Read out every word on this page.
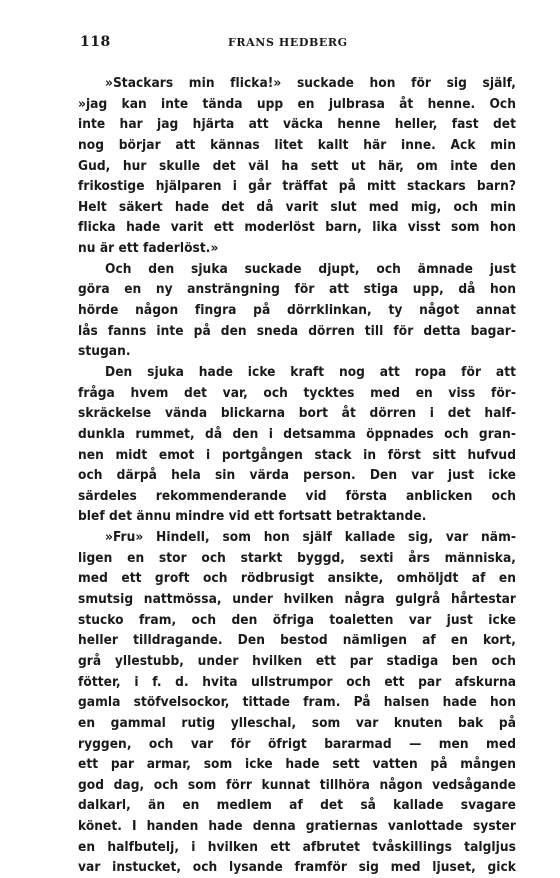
118	FRANS HEDBERG
»Stackars min flicka!» suckade hon för sig själf,
»jag kan inte tända upp en julbrasa åt henne. Och
inte har jag hjärta att väcka henne heller, fast det
nog börjar att kännas litet kallt här inne. Ack min
Gud, hur skulle det väl ha sett ut här, om inte den
frikostige hjälparen i går träffat på mitt stackars barn?
Helt säkert hade det då varit slut med mig, och min
flicka hade varit ett moderlöst barn, lika visst som hon
nu är ett faderlöst.»
Och den sjuka suckade djupt, och ämnade just
göra en ny ansträngning för att stiga upp, då hon
hörde någon fingra på dörrklinkan, ty något annat
lås fanns inte på den sneda dörren till för detta bagar-
stugan.
Den sjuka hade icke kraft nog att ropa för att
fråga hvem det var, och tycktes med en viss för-
skräckelse vända blickarna bort åt dörren i det half-
dunkla rummet, då den i detsamma öppnades och gran-
nen midt emot i portgången stack in först sitt hufvud
och därpå hela sin värda person. Den var just icke
särdeles rekommenderande vid första anblicken och
blef det ännu mindre vid ett fortsatt betraktande.
»Fru» Hindell, som hon själf kallade sig, var näm-
ligen en stor och starkt byggd, sexti års människa,
med ett groft och rödbrusigt ansikte, omhöljdt af en
smutsig nattmössa, under hvilken några gulgrå hårtestar
stucko fram, och den öfriga toaletten var just icke
heller tilldragande. Den bestod nämligen af en kort,
grå yllestubb, under hvilken ett par stadiga ben och
fötter, i f. d. hvita ullstrumpor och ett par afskurna
gamla stöfvelsockor, tittade fram. På halsen hade hon
en gammal rutig ylleschal, som var knuten bak på
ryggen, och var för öfrigt bararmad — men med
ett par armar, som icke hade sett vatten på mången
god dag, och som förr kunnat tillhöra någon vedsågande
dalkarl, än en medlem af det så kallade svagare
könet. I handen hade denna gratiernas vanlottade syster
en halfbutelj, i hvilken ett afbrutet tvåskillings talgljus
var instucket, och lysande framför sig med ljuset, gick
